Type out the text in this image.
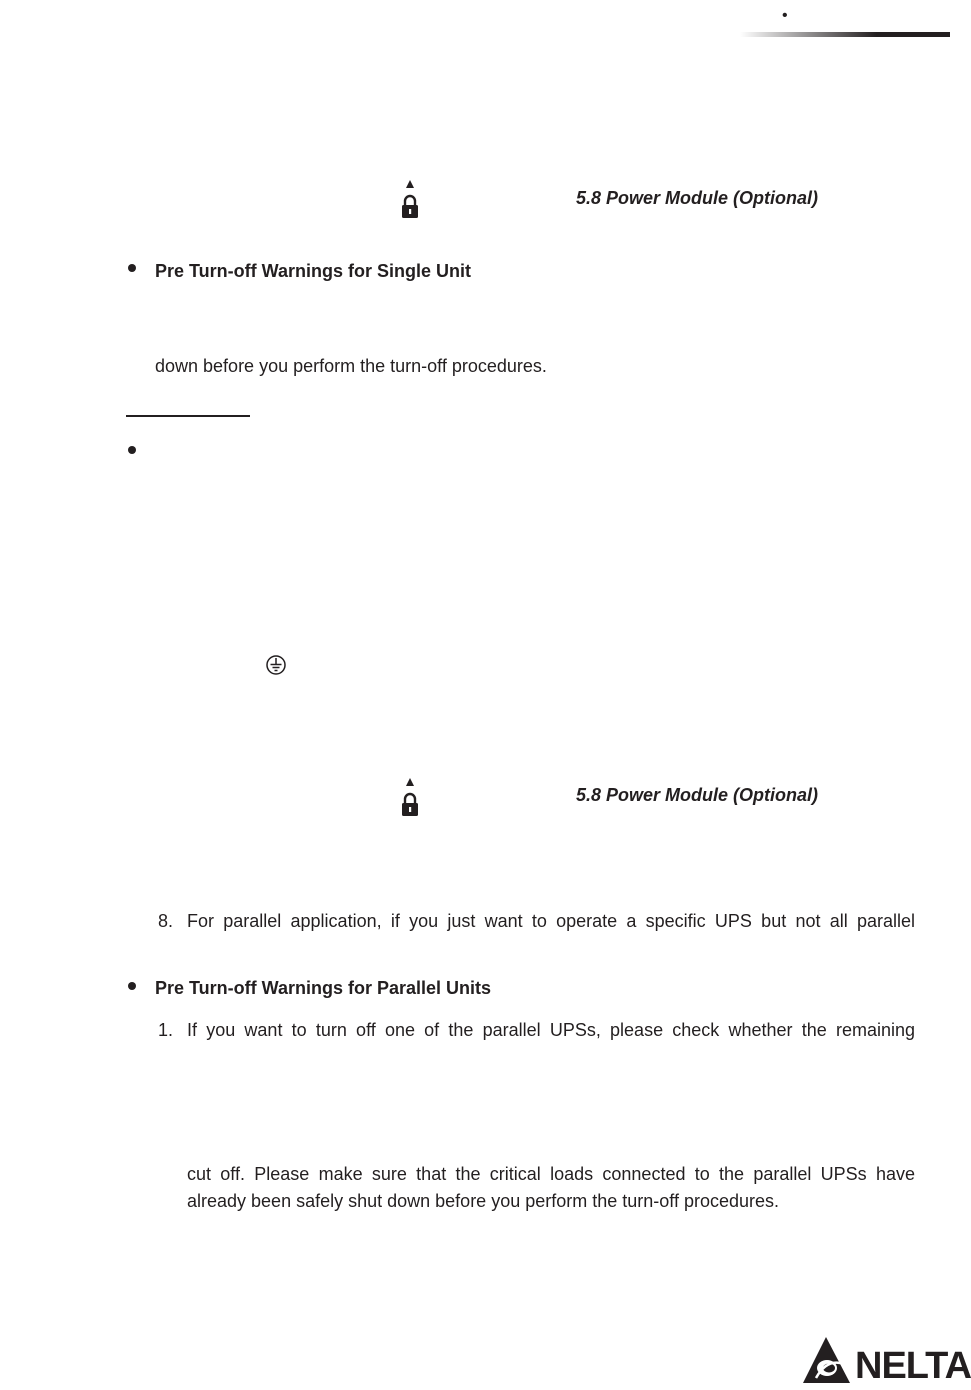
•
5.8 Power Module (Optional)
Pre Turn-off Warnings for Single Unit
down before you perform the turn-off procedures.
5.8 Power Module (Optional)
8. For parallel application, if you just want to operate a specific UPS but not all parallel
Pre Turn-off Warnings for Parallel Units
1. If you want to turn off one of the parallel UPSs, please check whether the remaining
cut off. Please make sure that the critical loads connected to the parallel UPSs have
already been safely shut down before you perform the turn-off procedures.
NELTA
